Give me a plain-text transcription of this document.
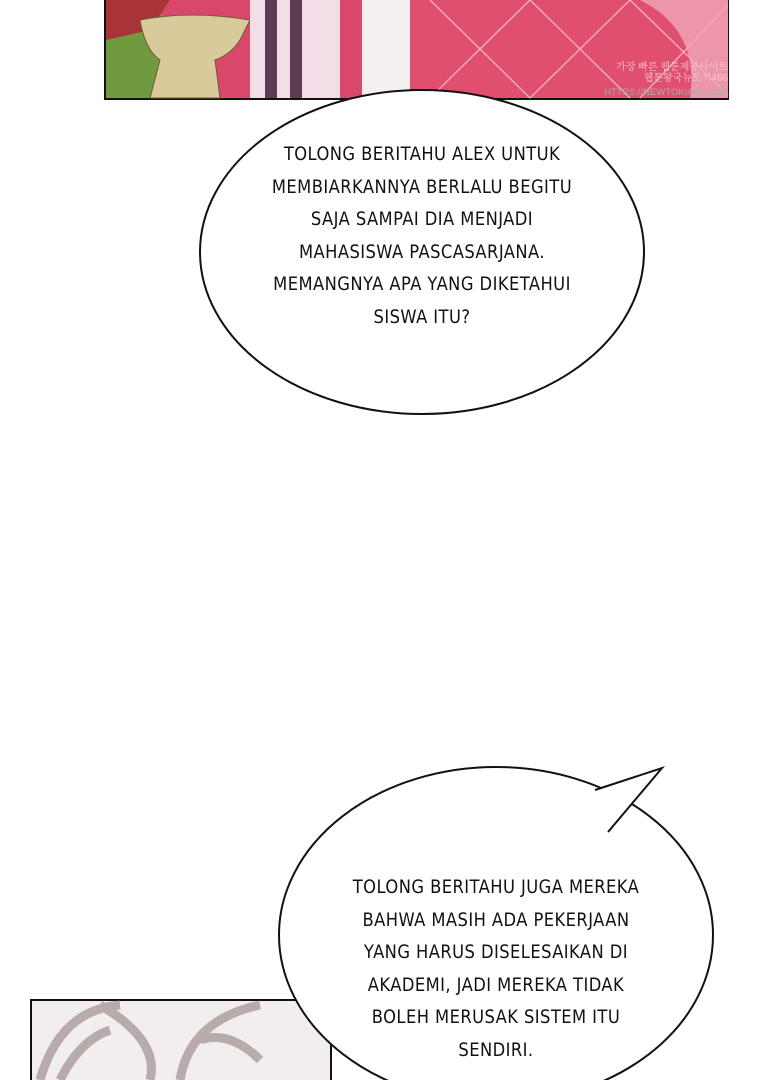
가장 빠른 웹툰제공사이트
웹툰왕국뉴토끼466
HTTPS://NEWTOKI466.COM
TOLONG BERITAHU ALEX UNTUK
MEMBIARKANNYA BERLALU BEGITU
SAJA SAMPAI DIA MENJADI
MAHASISWA PASCASARJANA.
MEMANGNYA APA YANG DIKETAHUI
SISWA ITU?
TOLONG BERITAHU JUGA MEREKA
BAHWA MASIH ADA PEKERJAAN
YANG HARUS DISELESAIKAN DI
AKADEMI, JADI MEREKA TIDAK
BOLEH MERUSAK SISTEM ITU
SENDIRI.
